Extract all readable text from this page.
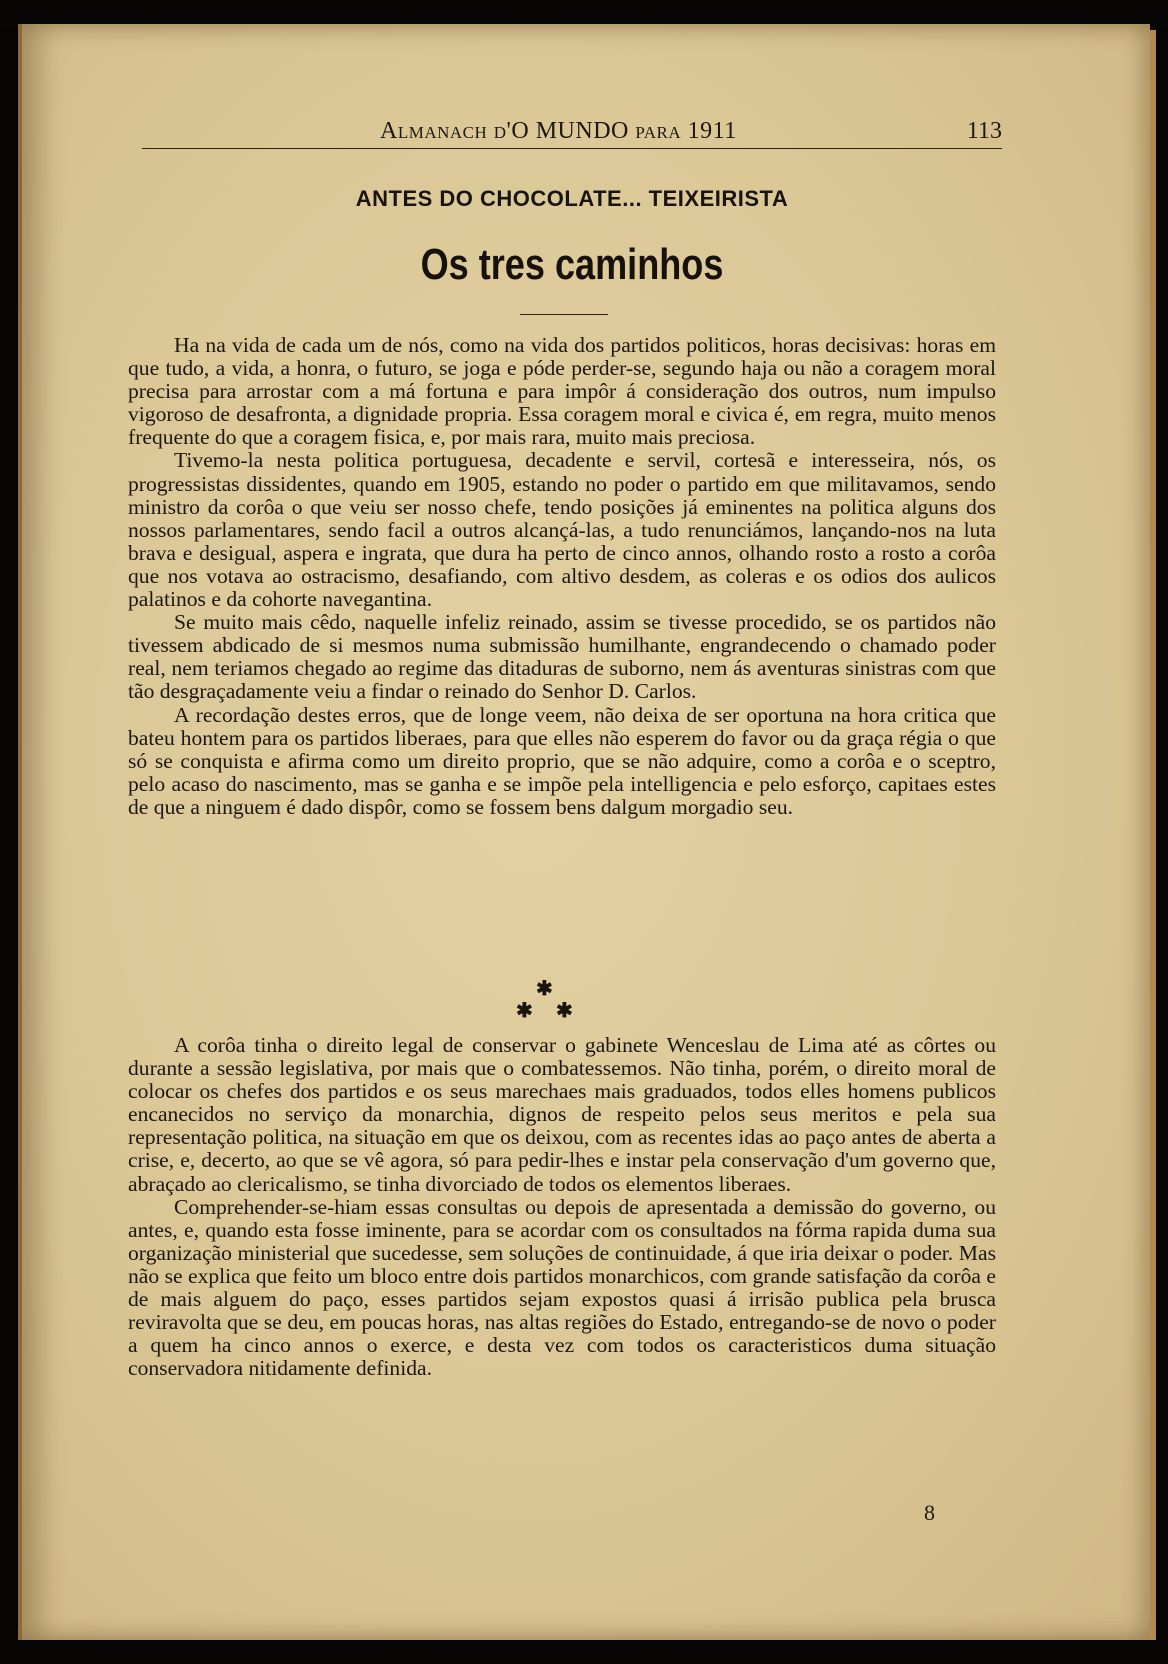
Almanach d'O MUNDO para 1911	113
ANTES DO CHOCOLATE... TEIXEIRISTA
Os tres caminhos

Ha na vida de cada um de nós, como na vida dos partidos politicos, horas decisivas: horas em que tudo, a vida, a honra, o futuro, se joga e póde perder-se, segundo haja ou não a coragem moral precisa para arrostar com a má fortuna e para impôr á consideração dos outros, num impulso vigoroso de desafronta, a dignidade propria. Essa coragem moral e civica é, em regra, muito menos frequente do que a coragem fisica, e, por mais rara, muito mais preciosa.

Tivemo-la nesta politica portuguesa, decadente e servil, cortesã e interesseira, nós, os progressistas dissidentes, quando em 1905, estando no poder o partido em que militavamos, sendo ministro da corôa o que veiu ser nosso chefe, tendo posições já eminentes na politica alguns dos nossos parlamentares, sendo facil a outros alcançá-las, a tudo renunciámos, lançando-nos na luta brava e desigual, aspera e ingrata, que dura ha perto de cinco annos, olhando rosto a rosto a corôa que nos votava ao ostracismo, desafiando, com altivo desdem, as coleras e os odios dos aulicos palatinos e da cohorte navegantina.

Se muito mais cêdo, naquelle infeliz reinado, assim se tivesse procedido, se os partidos não tivessem abdicado de si mesmos numa submissão humilhante, engrandecendo o chamado poder real, nem teriamos chegado ao regime das ditaduras de suborno, nem ás aventuras sinistras com que tão desgraçadamente veiu a findar o reinado do Senhor D. Carlos.

A recordação destes erros, que de longe veem, não deixa de ser oportuna na hora critica que bateu hontem para os partidos liberaes, para que elles não esperem do favor ou da graça régia o que só se conquista e afirma como um direito proprio, que se não adquire, como a corôa e o sceptro, pelo acaso do nascimento, mas se ganha e se impõe pela intelligencia e pelo esforço, capitaes estes de que a ninguem é dado dispôr, como se fossem bens dalgum morgadio seu.

✱
✱ ✱

A corôa tinha o direito legal de conservar o gabinete Wenceslau de Lima até as côrtes ou durante a sessão legislativa, por mais que o combatessemos. Não tinha, porém, o direito moral de colocar os chefes dos partidos e os seus marechaes mais graduados, todos elles homens publicos encanecidos no serviço da monarchia, dignos de respeito pelos seus meritos e pela sua representação politica, na situação em que os deixou, com as recentes idas ao paço antes de aberta a crise, e, decerto, ao que se vê agora, só para pedir-lhes e instar pela conservação d'um governo que, abraçado ao clericalismo, se tinha divorciado de todos os elementos liberaes.

Comprehender-se-hiam essas consultas ou depois de apresentada a demissão do governo, ou antes, e, quando esta fosse iminente, para se acordar com os consultados na fórma rapida duma sua organização ministerial que sucedesse, sem soluções de continuidade, á que iria deixar o poder. Mas não se explica que feito um bloco entre dois partidos monarchicos, com grande satisfação da corôa e de mais alguem do paço, esses partidos sejam expostos quasi á irrisão publica pela brusca reviravolta que se deu, em poucas horas, nas altas regiões do Estado, entregando-se de novo o poder a quem ha cinco annos o exerce, e desta vez com todos os caracteristicos duma situação conservadora nitidamente definida.

8
